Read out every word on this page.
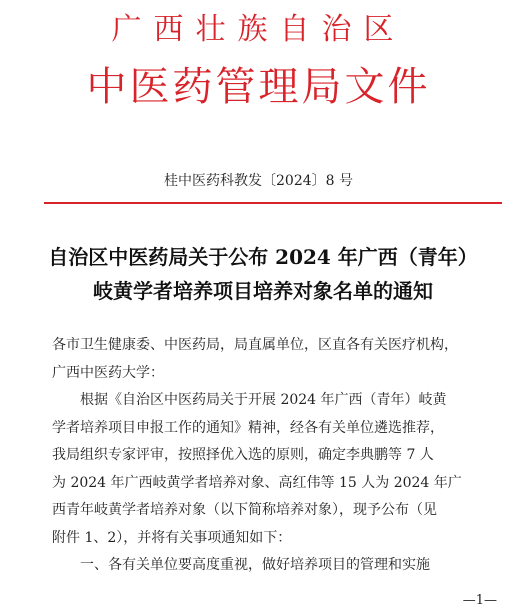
广西壮族自治区
中医药管理局文件
桂中医药科教发〔2024〕8 号
自治区中医药局关于公布 2024 年广西（青年）
岐黄学者培养项目培养对象名单的通知
各市卫生健康委、中医药局，局直属单位，区直各有关医疗机构，
广西中医药大学：
根据《自治区中医药局关于开展 2024 年广西（青年）岐黄
学者培养项目申报工作的通知》精神，经各有关单位遴选推荐，
我局组织专家评审，按照择优入选的原则，确定李典鹏等 7 人
为 2024 年广西岐黄学者培养对象、高红伟等 15 人为 2024 年广
西青年岐黄学者培养对象（以下简称培养对象），现予公布（见
附件 1、2），并将有关事项通知如下：
一、各有关单位要高度重视，做好培养项目的管理和实施
—1—
